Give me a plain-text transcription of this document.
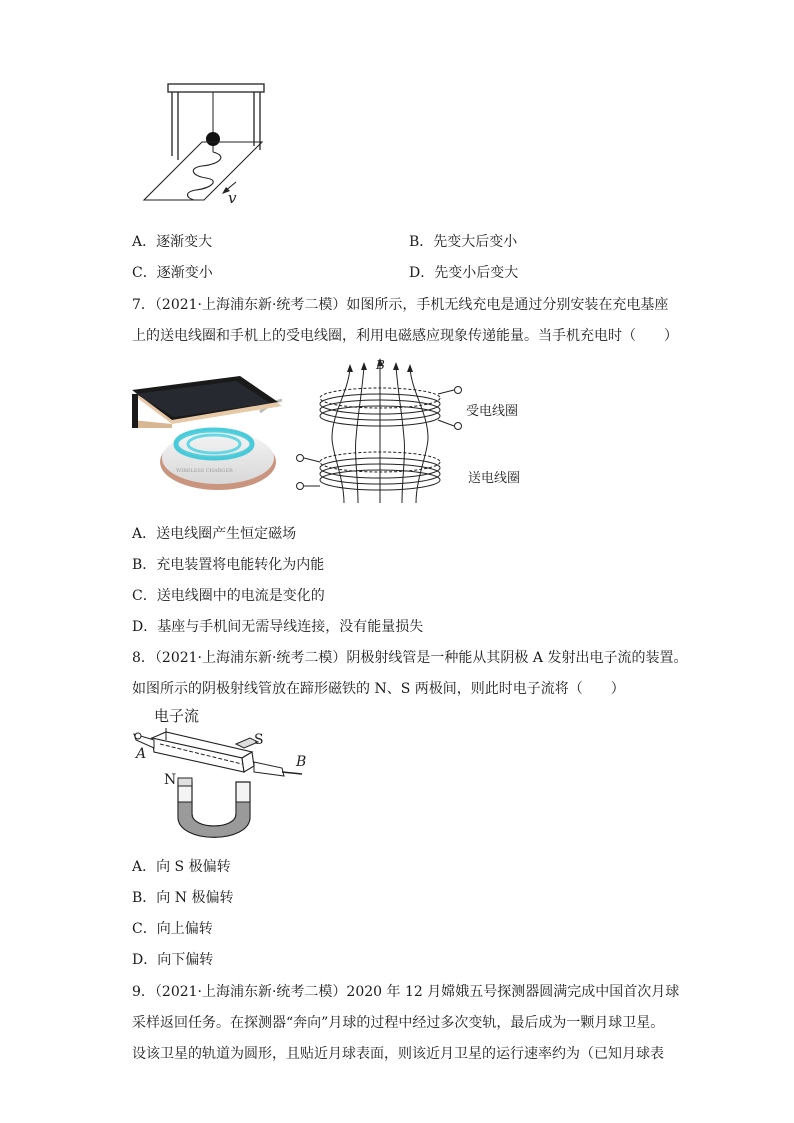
v
A．逐渐变大	B．先变大后变小
C．逐渐变小	D．先变小后变大
7．（2021·上海浦东新·统考二模）如图所示，手机无线充电是通过分别安装在充电基座
上的送电线圈和手机上的受电线圈，利用电磁感应现象传递能量。当手机充电时（　　）
WIRELESS CHARGER
B
受电线圈
送电线圈
A．送电线圈产生恒定磁场
B．充电装置将电能转化为内能
C．送电线圈中的电流是变化的
D．基座与手机间无需导线连接，没有能量损失
8．（2021·上海浦东新·统考二模）阴极射线管是一种能从其阴极 A 发射出电子流的装置。
如图所示的阴极射线管放在蹄形磁铁的 N、S 两极间，则此时电子流将（　　）
电子流
A	B
N
S
A．向 S 极偏转
B．向 N 极偏转
C．向上偏转
D．向下偏转
9．（2021·上海浦东新·统考二模）2020 年 12 月嫦娥五号探测器圆满完成中国首次月球
采样返回任务。在探测器“奔向”月球的过程中经过多次变轨，最后成为一颗月球卫星。
设该卫星的轨道为圆形，且贴近月球表面，则该近月卫星的运行速率约为（已知月球表
